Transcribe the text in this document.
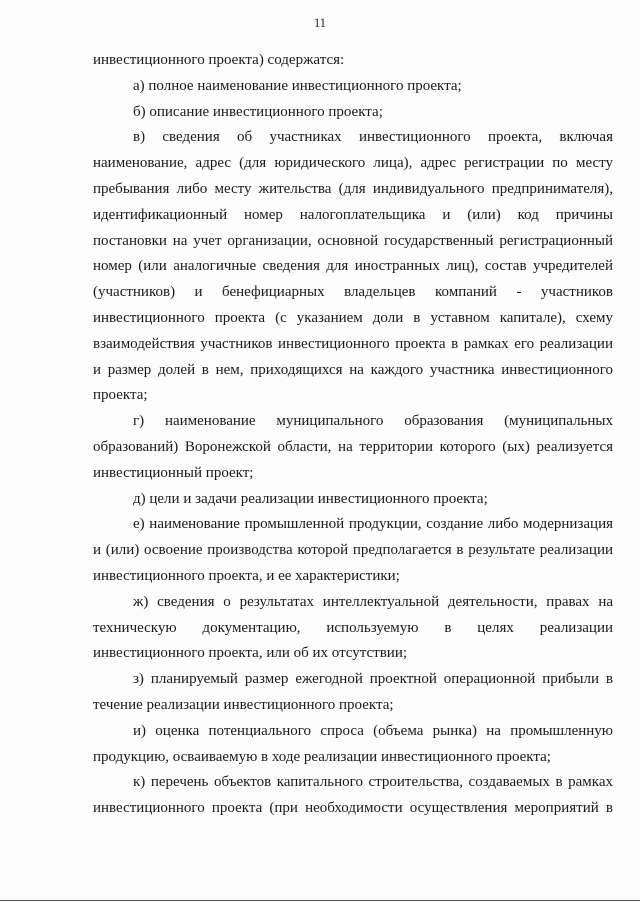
11
инвестиционного проекта) содержатся:
а) полное наименование инвестиционного проекта;
б) описание инвестиционного проекта;
в) сведения об участниках инвестиционного проекта, включая
наименование, адрес (для юридического лица), адрес регистрации по месту
пребывания либо месту жительства (для индивидуального предпринимателя),
идентификационный номер налогоплательщика и (или) код причины
постановки на учет организации, основной государственный регистрационный
номер (или аналогичные сведения для иностранных лиц), состав учредителей
(участников) и бенефициарных владельцев компаний - участников
инвестиционного проекта (с указанием доли в уставном капитале), схему
взаимодействия участников инвестиционного проекта в рамках его реализации
и размер долей в нем, приходящихся на каждого участника инвестиционного
проекта;
г) наименование муниципального образования (муниципальных
образований) Воронежской области, на территории которого (ых) реализуется
инвестиционный проект;
д) цели и задачи реализации инвестиционного проекта;
е) наименование промышленной продукции, создание либо модернизация
и (или) освоение производства которой предполагается в результате реализации
инвестиционного проекта, и ее характеристики;
ж) сведения о результатах интеллектуальной деятельности, правах на
техническую документацию, используемую в целях реализации
инвестиционного проекта, или об их отсутствии;
з) планируемый размер ежегодной проектной операционной прибыли в
течение реализации инвестиционного проекта;
и) оценка потенциального спроса (объема рынка) на промышленную
продукцию, осваиваемую в ходе реализации инвестиционного проекта;
к) перечень объектов капитального строительства, создаваемых в рамках
инвестиционного проекта (при необходимости осуществления мероприятий в
